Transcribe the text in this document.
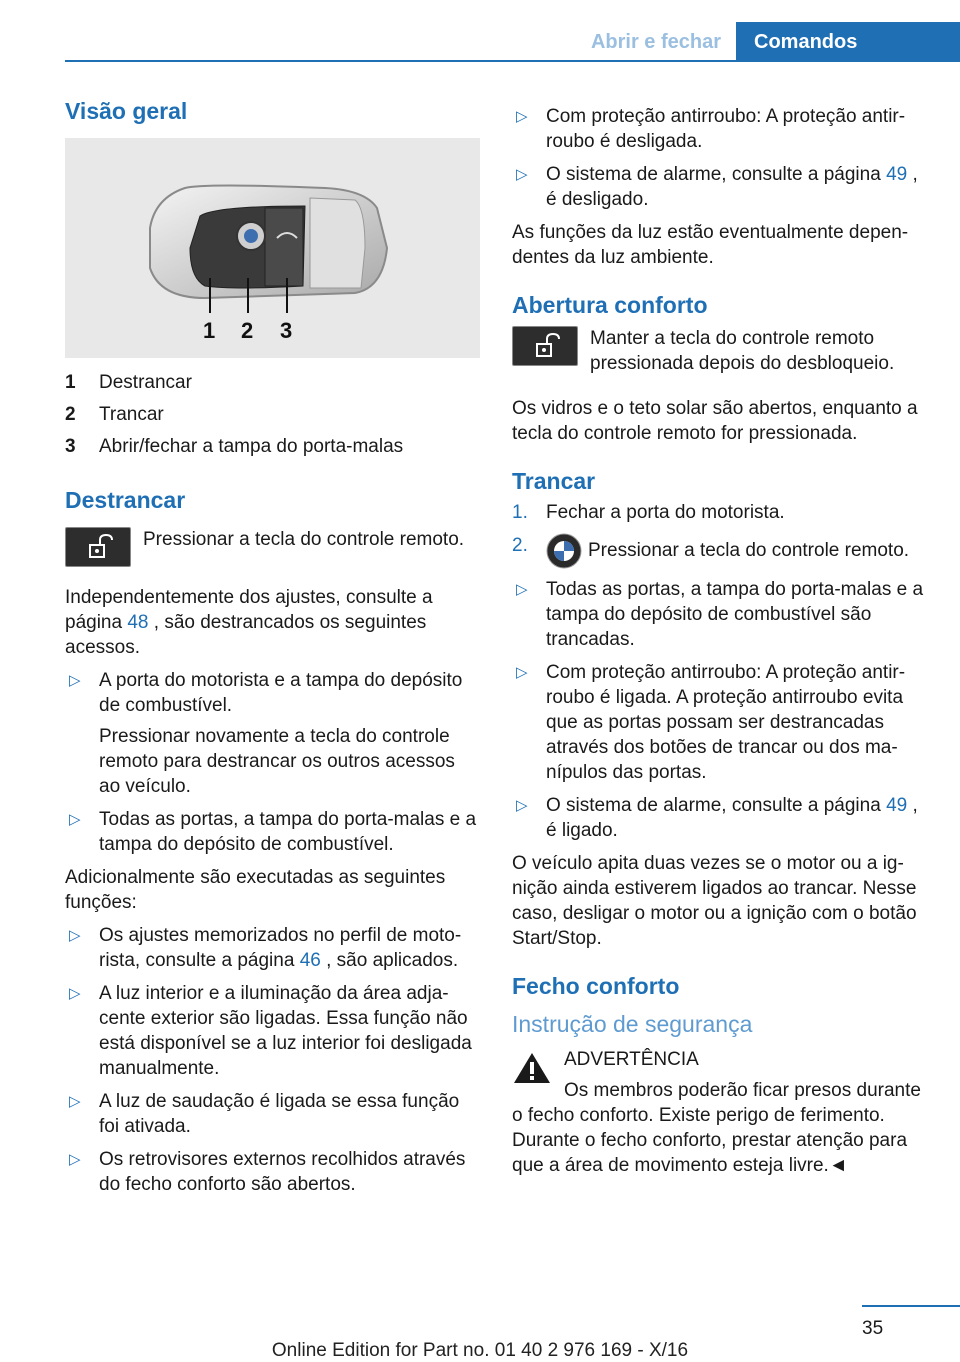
Abrir e fechar Comandos
Visão geral
1 2 3
1	Destrancar
2	Trancar
3	Abrir/fechar a tampa do porta-malas
Destrancar

Pressionar a tecla do controle remoto.

Independentemente dos ajustes, consulte a página 48 , são destrancados os seguintes acessos.

▷ A porta do motorista e a tampa do depósito de combustível.

Pressionar novamente a tecla do controle remoto para destrancar os outros acessos ao veículo.

▷ Todas as portas, a tampa do porta-malas e a tampa do depósito de combustível.

Adicionalmente são executadas as seguintes funções:

▷ Os ajustes memorizados no perfil de motorista, consulte a página 46 , são aplicados.
▷ A luz interior e a iluminação da área adjacente exterior são ligadas. Essa função não está disponível se a luz interior foi desligada manualmente.
▷ A luz de saudação é ligada se essa função foi ativada.
▷ Os retrovisores externos recolhidos através do fecho conforto são abertos.
▷ Com proteção antirroubo: A proteção antirroubo é desligada.
▷ O sistema de alarme, consulte a página 49 , é desligado.

As funções da luz estão eventualmente dependentes da luz ambiente.

Abertura conforto

Manter a tecla do controle remoto pressionada depois do desbloqueio.

Os vidros e o teto solar são abertos, enquanto a tecla do controle remoto for pressionada.

Trancar
1. Fechar a porta do motorista.
2.	Pressionar a tecla do controle remoto.
▷ Todas as portas, a tampa do porta-malas e a tampa do depósito de combustível são trancadas.
▷ Com proteção antirroubo: A proteção antirroubo é ligada. A proteção antirroubo evita que as portas possam ser destrancadas através dos botões de trancar ou dos manípulos das portas.
▷ O sistema de alarme, consulte a página 49 , é ligado.

O veículo apita duas vezes se o motor ou a ignição ainda estiverem ligados ao trancar. Nesse caso, desligar o motor ou a ignição com o botão Start/Stop.

Fecho conforto
Instrução de segurança

ADVERTÊNCIA

Os membros poderão ficar presos durante o fecho conforto. Existe perigo de ferimento. Durante o fecho conforto, prestar atenção para que a área de movimento esteja livre.◄

35
Online Edition for Part no. 01 40 2 976 169 - X/16
